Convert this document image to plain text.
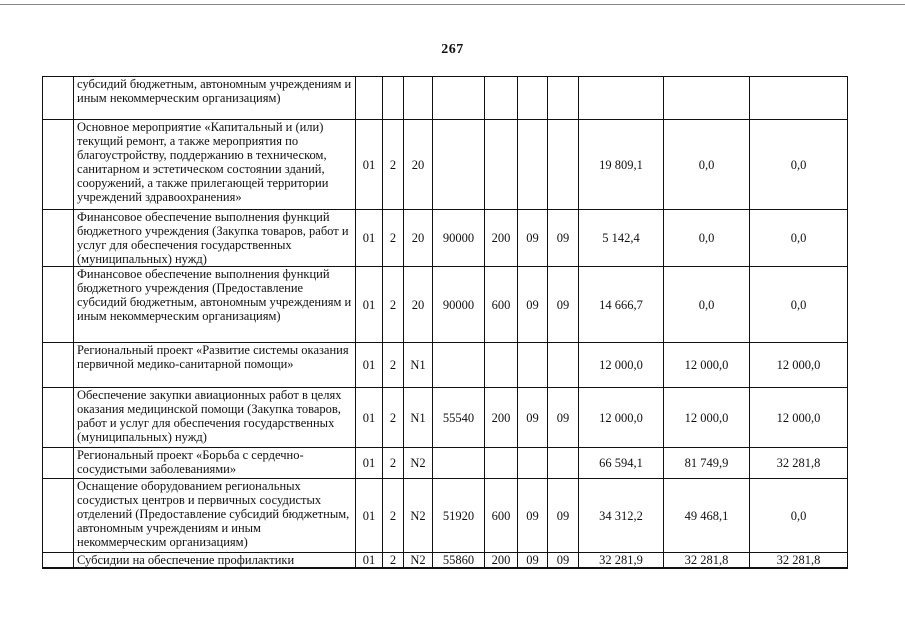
267
	субсидий бюджетным, автономным учреждениям и иным некоммерческим организациям)										
	Основное мероприятие «Капитальный и (или) текущий ремонт, а также мероприятия по благоустройству, поддержанию в техническом, санитарном и эстетическом состоянии зданий, сооружений, а также прилегающей территории учреждений здравоохранения»	01	2	20					19 809,1	0,0	0,0
	Финансовое обеспечение выполнения функций бюджетного учреждения (Закупка товаров, работ и услуг для обеспечения государственных (муниципальных) нужд)	01	2	20	90000	200	09	09	5 142,4	0,0	0,0
	Финансовое обеспечение выполнения функций бюджетного учреждения (Предоставление субсидий бюджетным, автономным учреждениям и иным некоммерческим организациям)	01	2	20	90000	600	09	09	14 666,7	0,0	0,0
	Региональный проект «Развитие системы оказания первичной медико-санитарной помощи»	01	2	N1					12 000,0	12 000,0	12 000,0
	Обеспечение закупки авиационных работ в целях оказания медицинской помощи (Закупка товаров, работ и услуг для обеспечения государственных (муниципальных) нужд)	01	2	N1	55540	200	09	09	12 000,0	12 000,0	12 000,0
	Региональный проект «Борьба с сердечно-сосудистыми заболеваниями»	01	2	N2					66 594,1	81 749,9	32 281,8
	Оснащение оборудованием региональных сосудистых центров и первичных сосудистых отделений (Предоставление субсидий бюджетным, автономным учреждениям и иным некоммерческим организациям)	01	2	N2	51920	600	09	09	34 312,2	49 468,1	0,0
	Субсидии на обеспечение профилактики	01	2	N2	55860	200	09	09	32 281,9	32 281,8	32 281,8
